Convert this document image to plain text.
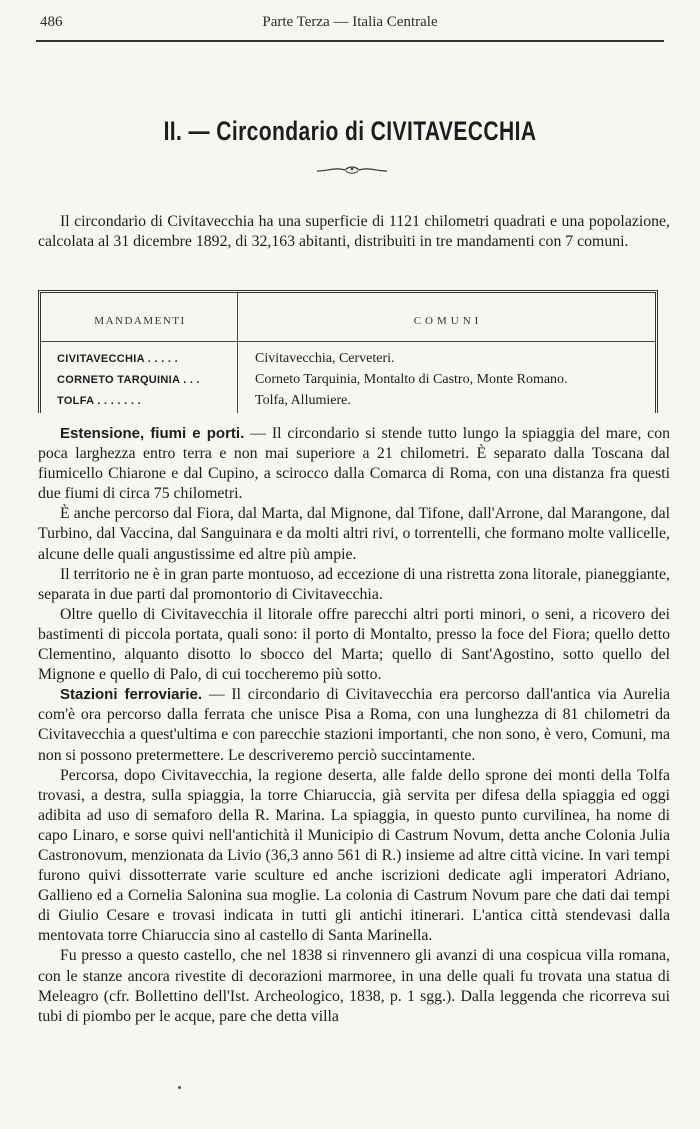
486	Parte Terza — Italia Centrale
II. — Circondario di CIVITAVECCHIA
Il circondario di Civitavecchia ha una superficie di 1121 chilometri quadrati e una popolazione, calcolata al 31 dicembre 1892, di 32,163 abitanti, distribuiti in tre mandamenti con 7 comuni.
MANDAMENTI	COMUNI
CIVITAVECCHIA . . . . .	Civitavecchia, Cerveteri.
CORNETO TARQUINIA . . .	Corneto Tarquinia, Montalto di Castro, Monte Romano.
TOLFA . . . . . . .	Tolfa, Allumiere.

Estensione, fiumi e porti. — Il circondario si stende tutto lungo la spiaggia del mare, con poca larghezza entro terra e non mai superiore a 21 chilometri. È separato dalla Toscana dal fiumicello Chiarone e dal Cupino, a scirocco dalla Comarca di Roma, con una distanza fra questi due fiumi di circa 75 chilometri.

È anche percorso dal Fiora, dal Marta, dal Mignone, dal Tifone, dall'Arrone, dal Marangone, dal Turbino, dal Vaccina, dal Sanguinara e da molti altri rivi, o torrentelli, che formano molte vallicelle, alcune delle quali angustissime ed altre più ampie.

Il territorio ne è in gran parte montuoso, ad eccezione di una ristretta zona litorale, pianeggiante, separata in due parti dal promontorio di Civitavecchia.

Oltre quello di Civitavecchia il litorale offre parecchi altri porti minori, o seni, a ricovero dei bastimenti di piccola portata, quali sono: il porto di Montalto, presso la foce del Fiora; quello detto Clementino, alquanto disotto lo sbocco del Marta; quello di Sant'Agostino, sotto quello del Mignone e quello di Palo, di cui toccheremo più sotto.

Stazioni ferroviarie. — Il circondario di Civitavecchia era percorso dall'antica via Aurelia com'è ora percorso dalla ferrata che unisce Pisa a Roma, con una lunghezza di 81 chilometri da Civitavecchia a quest'ultima e con parecchie stazioni importanti, che non sono, è vero, Comuni, ma non si possono pretermettere. Le descriveremo perciò succintamente.

Percorsa, dopo Civitavecchia, la regione deserta, alle falde dello sprone dei monti della Tolfa trovasi, a destra, sulla spiaggia, la torre Chiaruccia, già servita per difesa della spiaggia ed oggi adibita ad uso di semaforo della R. Marina. La spiaggia, in questo punto curvilinea, ha nome di capo Linaro, e sorse quivi nell'antichità il Municipio di Castrum Novum, detta anche Colonia Julia Castronovum, menzionata da Livio (36,3 anno 561 di R.) insieme ad altre città vicine. In vari tempi furono quivi dissotterrate varie sculture ed anche iscrizioni dedicate agli imperatori Adriano, Gallieno ed a Cornelia Salonina sua moglie. La colonia di Castrum Novum pare che dati dai tempi di Giulio Cesare e trovasi indicata in tutti gli antichi itinerari. L'antica città stendevasi dalla mentovata torre Chiaruccia sino al castello di Santa Marinella.

Fu presso a questo castello, che nel 1838 si rinvennero gli avanzi di una cospicua villa romana, con le stanze ancora rivestite di decorazioni marmoree, in una delle quali fu trovata una statua di Meleagro (cfr. Bollettino dell'Ist. Archeologico, 1838, p. 1 sgg.). Dalla leggenda che ricorreva sui tubi di piombo per le acque, pare che detta villa
